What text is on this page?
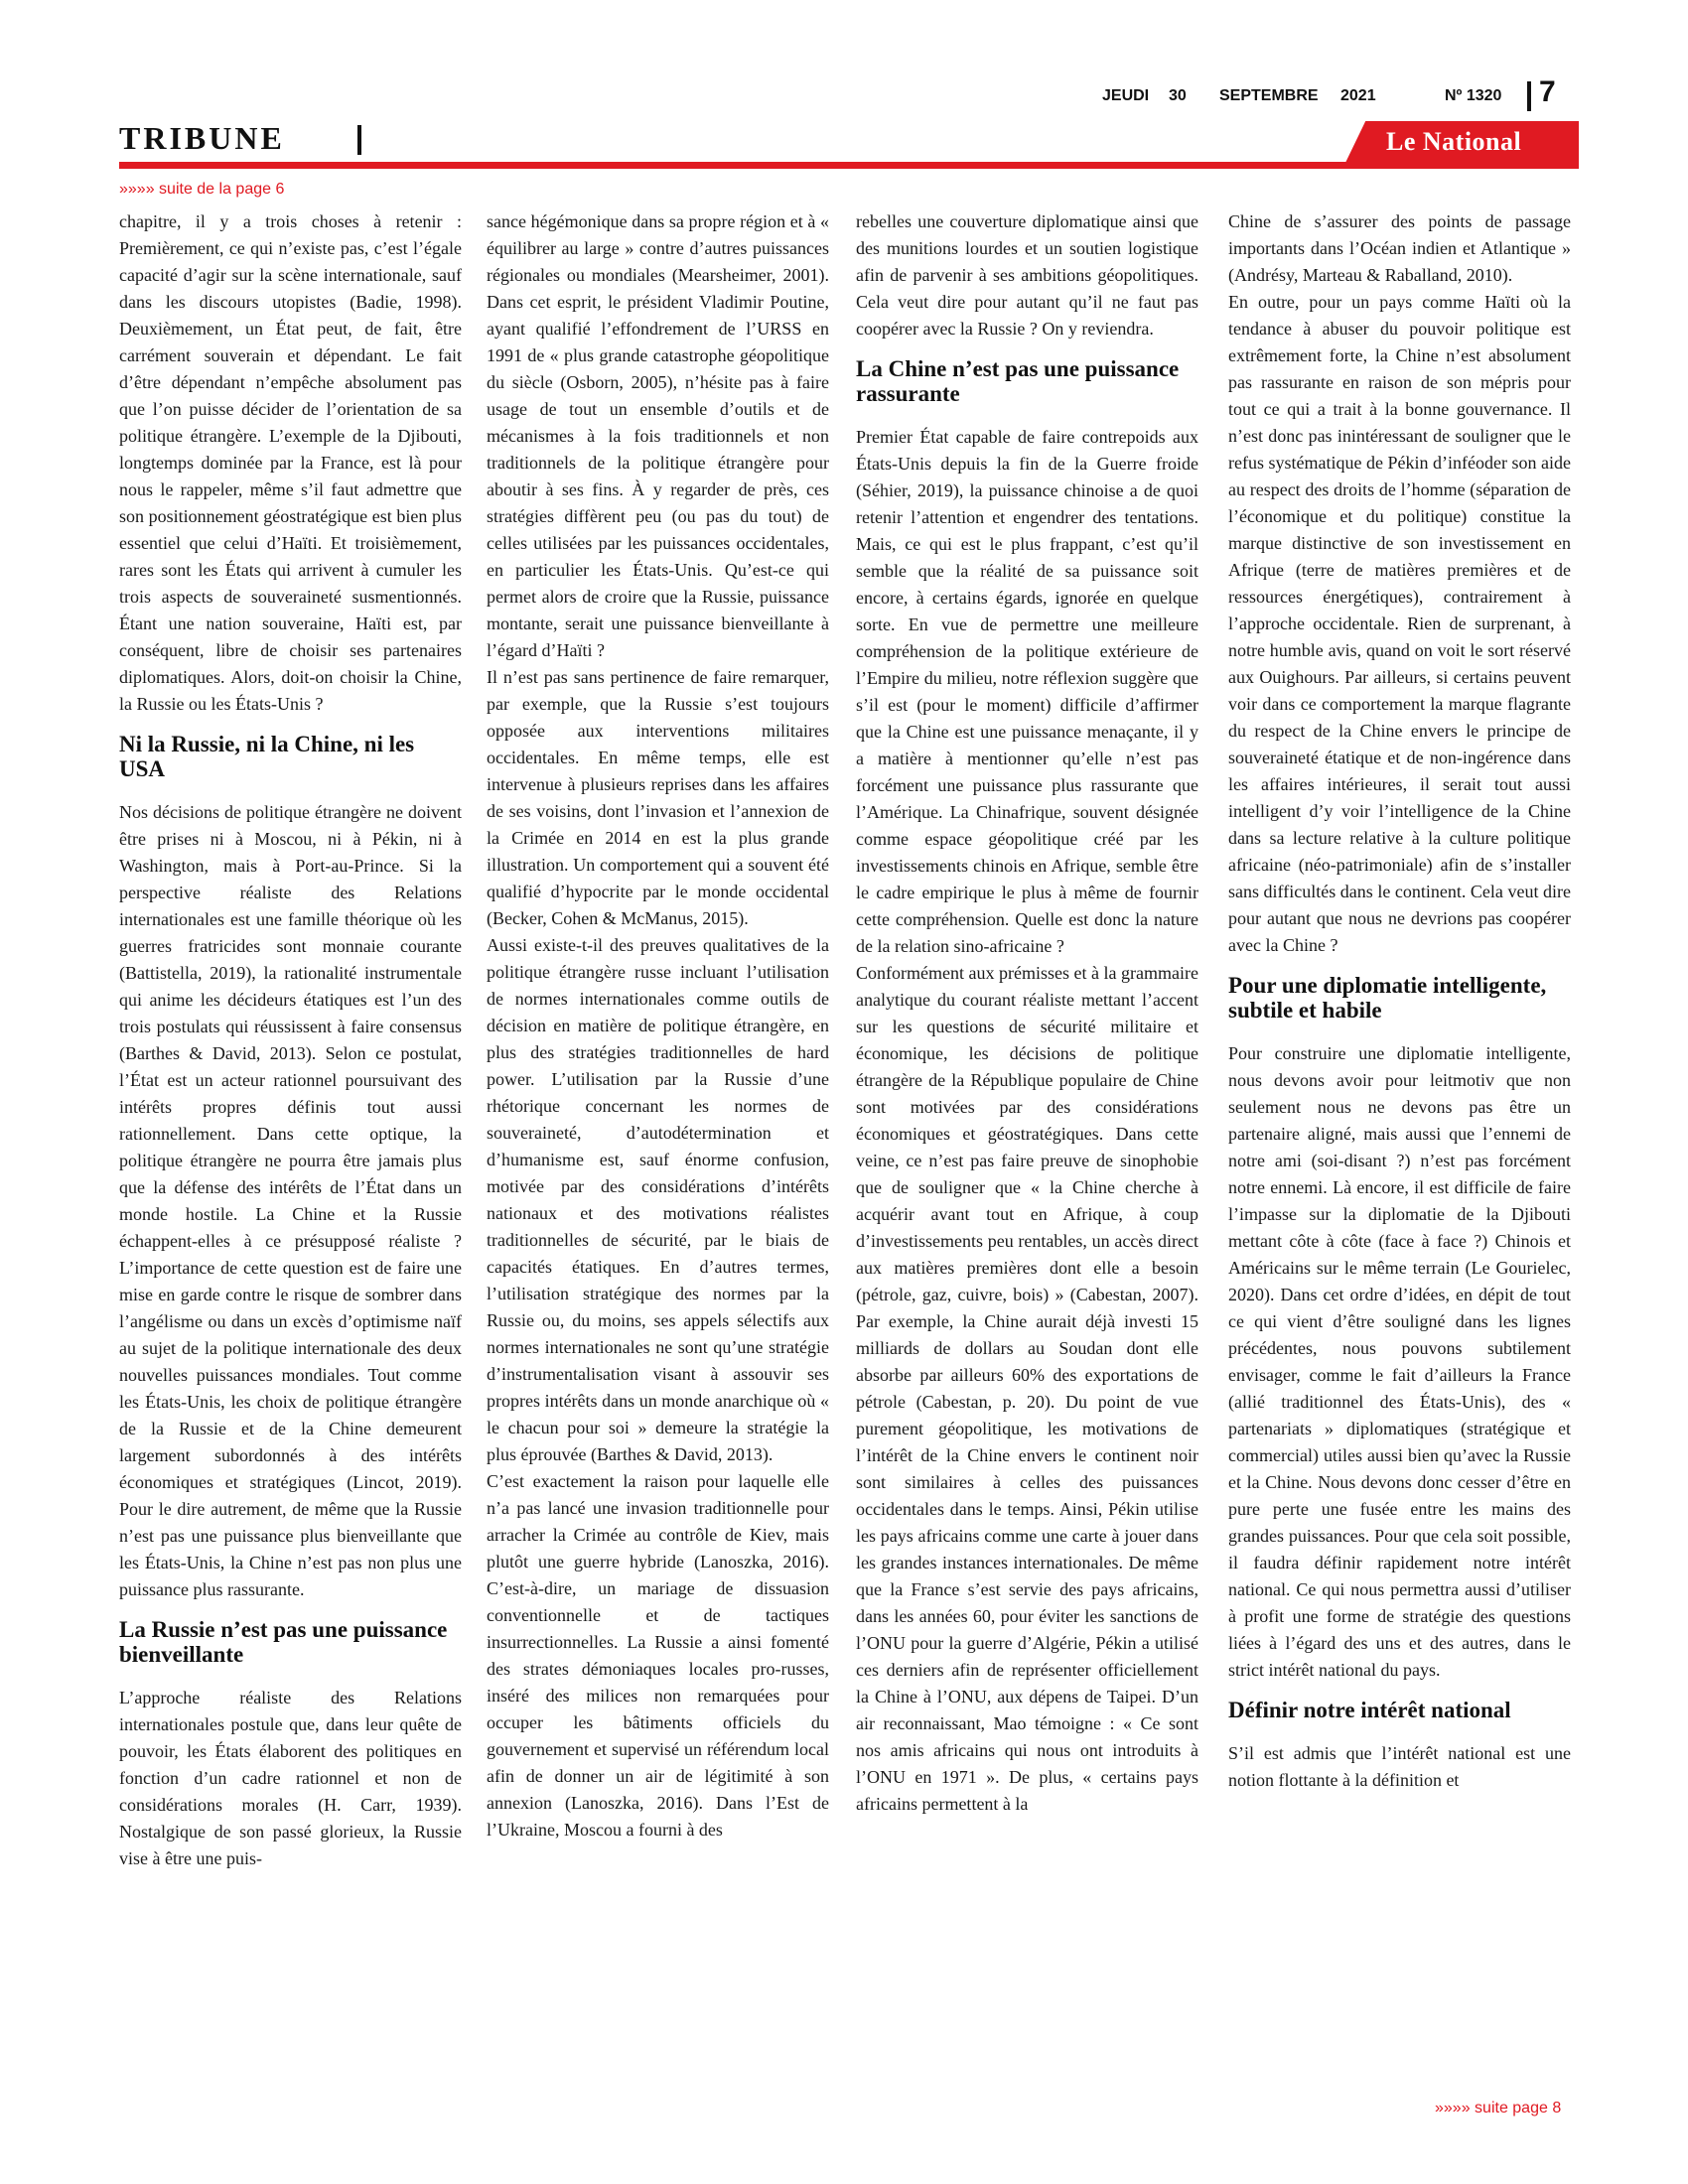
JEUDI 30 SEPTEMBRE 2021	Nº 1320 7
TRIBUNE	Le National
»»»» suite de la page 6

chapitre, il y a trois choses à retenir : Premièrement, ce qui n’existe pas, c’est l’égale capacité d’agir sur la scène internationale, sauf dans les discours utopistes (Badie, 1998). Deuxièmement, un État peut, de fait, être carrément souverain et dépendant. Le fait d’être dépendant n’empêche absolument pas que l’on puisse décider de l’orientation de sa politique étrangère. L’exemple de la Djibouti, longtemps dominée par la France, est là pour nous le rappeler, même s’il faut admettre que son positionnement géostratégique est bien plus essentiel que celui d’Haïti. Et troisièmement, rares sont les États qui arrivent à cumuler les trois aspects de souveraineté susmentionnés. Étant une nation souveraine, Haïti est, par conséquent, libre de choisir ses partenaires diplomatiques. Alors, doit-on choisir la Chine, la Russie ou les États-Unis ?

Ni la Russie, ni la Chine, ni les USA

Nos décisions de politique étrangère ne doivent être prises ni à Moscou, ni à Pékin, ni à Washington, mais à Port-au-Prince. Si la perspective réaliste des Relations internationales est une famille théorique où les guerres fratricides sont monnaie courante (Battistella, 2019), la rationalité instrumentale qui anime les décideurs étatiques est l’un des trois postulats qui réussissent à faire consensus (Barthes & David, 2013). Selon ce postulat, l’État est un acteur rationnel poursuivant des intérêts propres définis tout aussi rationnellement. Dans cette optique, la politique étrangère ne pourra être jamais plus que la défense des intérêts de l’État dans un monde hostile. La Chine et la Russie échappent-elles à ce présupposé réaliste ? L’importance de cette question est de faire une mise en garde contre le risque de sombrer dans l’angélisme ou dans un excès d’optimisme naïf au sujet de la politique internationale des deux nouvelles puissances mondiales. Tout comme les États-Unis, les choix de politique étrangère de la Russie et de la Chine demeurent largement subordonnés à des intérêts économiques et stratégiques (Lincot, 2019). Pour le dire autrement, de même que la Russie n’est pas une puissance plus bienveillante que les États-Unis, la Chine n’est pas non plus une puissance plus rassurante.

La Russie n’est pas une puissance bienveillante

L’approche réaliste des Relations internationales postule que, dans leur quête de pouvoir, les États élaborent des politiques en fonction d’un cadre rationnel et non de considérations morales (H. Carr, 1939). Nostalgique de son passé glorieux, la Russie vise à être une puis-

sance hégémonique dans sa propre région et à « équilibrer au large » contre d’autres puissances régionales ou mondiales (Mearsheimer, 2001). Dans cet esprit, le président Vladimir Poutine, ayant qualifié l’effondrement de l’URSS en 1991 de « plus grande catastrophe géopolitique du siècle (Osborn, 2005), n’hésite pas à faire usage de tout un ensemble d’outils et de mécanismes à la fois traditionnels et non traditionnels de la politique étrangère pour aboutir à ses fins. À y regarder de près, ces stratégies diffèrent peu (ou pas du tout) de celles utilisées par les puissances occidentales, en particulier les États-Unis. Qu’est-ce qui permet alors de croire que la Russie, puissance montante, serait une puissance bienveillante à l’égard d’Haïti ?

Il n’est pas sans pertinence de faire remarquer, par exemple, que la Russie s’est toujours opposée aux interventions militaires occidentales. En même temps, elle est intervenue à plusieurs reprises dans les affaires de ses voisins, dont l’invasion et l’annexion de la Crimée en 2014 en est la plus grande illustration. Un comportement qui a souvent été qualifié d’hypocrite par le monde occidental (Becker, Cohen & McManus, 2015).

Aussi existe-t-il des preuves qualitatives de la politique étrangère russe incluant l’utilisation de normes internationales comme outils de décision en matière de politique étrangère, en plus des stratégies traditionnelles de hard power. L’utilisation par la Russie d’une rhétorique concernant les normes de souveraineté, d’autodétermination et d’humanisme est, sauf énorme confusion, motivée par des considérations d’intérêts nationaux et des motivations réalistes traditionnelles de sécurité, par le biais de capacités étatiques. En d’autres termes, l’utilisation stratégique des normes par la Russie ou, du moins, ses appels sélectifs aux normes internationales ne sont qu’une stratégie d’instrumentalisation visant à assouvir ses propres intérêts dans un monde anarchique où « le chacun pour soi » demeure la stratégie la plus éprouvée (Barthes & David, 2013).

C’est exactement la raison pour laquelle elle n’a pas lancé une invasion traditionnelle pour arracher la Crimée au contrôle de Kiev, mais plutôt une guerre hybride (Lanoszka, 2016). C’est-à-dire, un mariage de dissuasion conventionnelle et de tactiques insurrectionnelles. La Russie a ainsi fomenté des strates démoniaques locales pro-russes, inséré des milices non remarquées pour occuper les bâtiments officiels du gouvernement et supervisé un référendum local afin de donner un air de légitimité à son annexion (Lanoszka, 2016). Dans l’Est de l’Ukraine, Moscou a fourni à des

rebelles une couverture diplomatique ainsi que des munitions lourdes et un soutien logistique afin de parvenir à ses ambitions géopolitiques. Cela veut dire pour autant qu’il ne faut pas coopérer avec la Russie ? On y reviendra.

La Chine n’est pas une puissance rassurante

Premier État capable de faire contrepoids aux États-Unis depuis la fin de la Guerre froide (Séhier, 2019), la puissance chinoise a de quoi retenir l’attention et engendrer des tentations. Mais, ce qui est le plus frappant, c’est qu’il semble que la réalité de sa puissance soit encore, à certains égards, ignorée en quelque sorte. En vue de permettre une meilleure compréhension de la politique extérieure de l’Empire du milieu, notre réflexion suggère que s’il est (pour le moment) difficile d’affirmer que la Chine est une puissance menaçante, il y a matière à mentionner qu’elle n’est pas forcément une puissance plus rassurante que l’Amérique. La Chinafrique, souvent désignée comme espace géopolitique créé par les investissements chinois en Afrique, semble être le cadre empirique le plus à même de fournir cette compréhension. Quelle est donc la nature de la relation sino-africaine ?

Conformément aux prémisses et à la grammaire analytique du courant réaliste mettant l’accent sur les questions de sécurité militaire et économique, les décisions de politique étrangère de la République populaire de Chine sont motivées par des considérations économiques et géostratégiques. Dans cette veine, ce n’est pas faire preuve de sinophobie que de souligner que « la Chine cherche à acquérir avant tout en Afrique, à coup d’investissements peu rentables, un accès direct aux matières premières dont elle a besoin (pétrole, gaz, cuivre, bois) » (Cabestan, 2007). Par exemple, la Chine aurait déjà investi 15 milliards de dollars au Soudan dont elle absorbe par ailleurs 60% des exportations de pétrole (Cabestan, p. 20). Du point de vue purement géopolitique, les motivations de l’intérêt de la Chine envers le continent noir sont similaires à celles des puissances occidentales dans le temps. Ainsi, Pékin utilise les pays africains comme une carte à jouer dans les grandes instances internationales. De même que la France s’est servie des pays africains, dans les années 60, pour éviter les sanctions de l’ONU pour la guerre d’Algérie, Pékin a utilisé ces derniers afin de représenter officiellement la Chine à l’ONU, aux dépens de Taipei. D’un air reconnaissant, Mao témoigne : « Ce sont nos amis africains qui nous ont introduits à l’ONU en 1971 ». De plus, « certains pays africains permettent à la

Chine de s’assurer des points de passage importants dans l’Océan indien et Atlantique » (Andrésy, Marteau & Raballand, 2010).

En outre, pour un pays comme Haïti où la tendance à abuser du pouvoir politique est extrêmement forte, la Chine n’est absolument pas rassurante en raison de son mépris pour tout ce qui a trait à la bonne gouvernance. Il n’est donc pas inintéressant de souligner que le refus systématique de Pékin d’inféoder son aide au respect des droits de l’homme (séparation de l’économique et du politique) constitue la marque distinctive de son investissement en Afrique (terre de matières premières et de ressources énergétiques), contrairement à l’approche occidentale. Rien de surprenant, à notre humble avis, quand on voit le sort réservé aux Ouighours. Par ailleurs, si certains peuvent voir dans ce comportement la marque flagrante du respect de la Chine envers le principe de souveraineté étatique et de non-ingérence dans les affaires intérieures, il serait tout aussi intelligent d’y voir l’intelligence de la Chine dans sa lecture relative à la culture politique africaine (néo-patrimoniale) afin de s’installer sans difficultés dans le continent. Cela veut dire pour autant que nous ne devrions pas coopérer avec la Chine ?

Pour une diplomatie intelligente, subtile et habile

Pour construire une diplomatie intelligente, nous devons avoir pour leitmotiv que non seulement nous ne devons pas être un partenaire aligné, mais aussi que l’ennemi de notre ami (soi-disant ?) n’est pas forcément notre ennemi. Là encore, il est difficile de faire l’impasse sur la diplomatie de la Djibouti mettant côte à côte (face à face ?) Chinois et Américains sur le même terrain (Le Gourielec, 2020). Dans cet ordre d’idées, en dépit de tout ce qui vient d’être souligné dans les lignes précédentes, nous pouvons subtilement envisager, comme le fait d’ailleurs la France (allié traditionnel des États-Unis), des « partenariats » diplomatiques (stratégique et commercial) utiles aussi bien qu’avec la Russie et la Chine. Nous devons donc cesser d’être en pure perte une fusée entre les mains des grandes puissances. Pour que cela soit possible, il faudra définir rapidement notre intérêt national. Ce qui nous permettra aussi d’utiliser à profit une forme de stratégie des questions liées à l’égard des uns et des autres, dans le strict intérêt national du pays.

Définir notre intérêt national

S’il est admis que l’intérêt national est une notion flottante à la définition et

»»»» suite page 8
